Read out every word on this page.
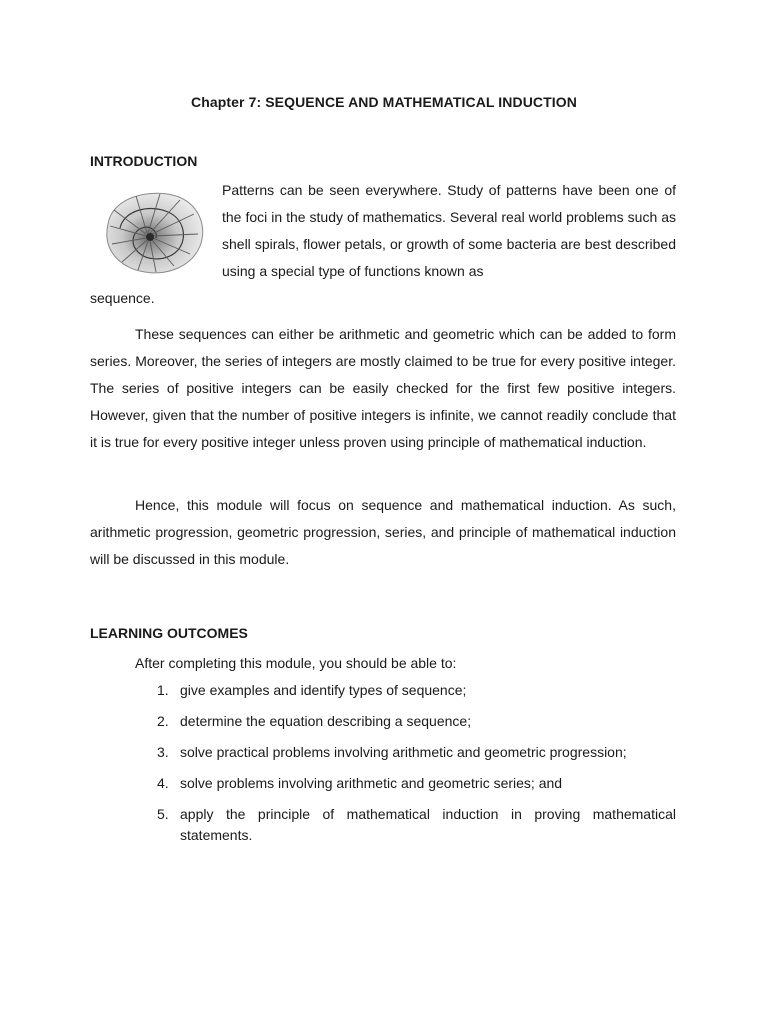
Chapter 7: SEQUENCE AND MATHEMATICAL INDUCTION
INTRODUCTION
Patterns can be seen everywhere. Study of patterns have been one of the foci in the study of mathematics. Several real world problems such as shell spirals, flower petals, or growth of some bacteria are best described using a special type of functions known as
sequence.
These sequences can either be arithmetic and geometric which can be added to form series. Moreover, the series of integers are mostly claimed to be true for every positive integer. The series of positive integers can be easily checked for the first few positive integers. However, given that the number of positive integers is infinite, we cannot readily conclude that it is true for every positive integer unless proven using principle of mathematical induction.
Hence, this module will focus on sequence and mathematical induction. As such, arithmetic progression, geometric progression, series, and principle of mathematical induction will be discussed in this module.
LEARNING OUTCOMES
After completing this module, you should be able to:
1. give examples and identify types of sequence;
2. determine the equation describing a sequence;
3. solve practical problems involving arithmetic and geometric progression;
4. solve problems involving arithmetic and geometric series; and
5. apply the principle of mathematical induction in proving mathematical statements.
